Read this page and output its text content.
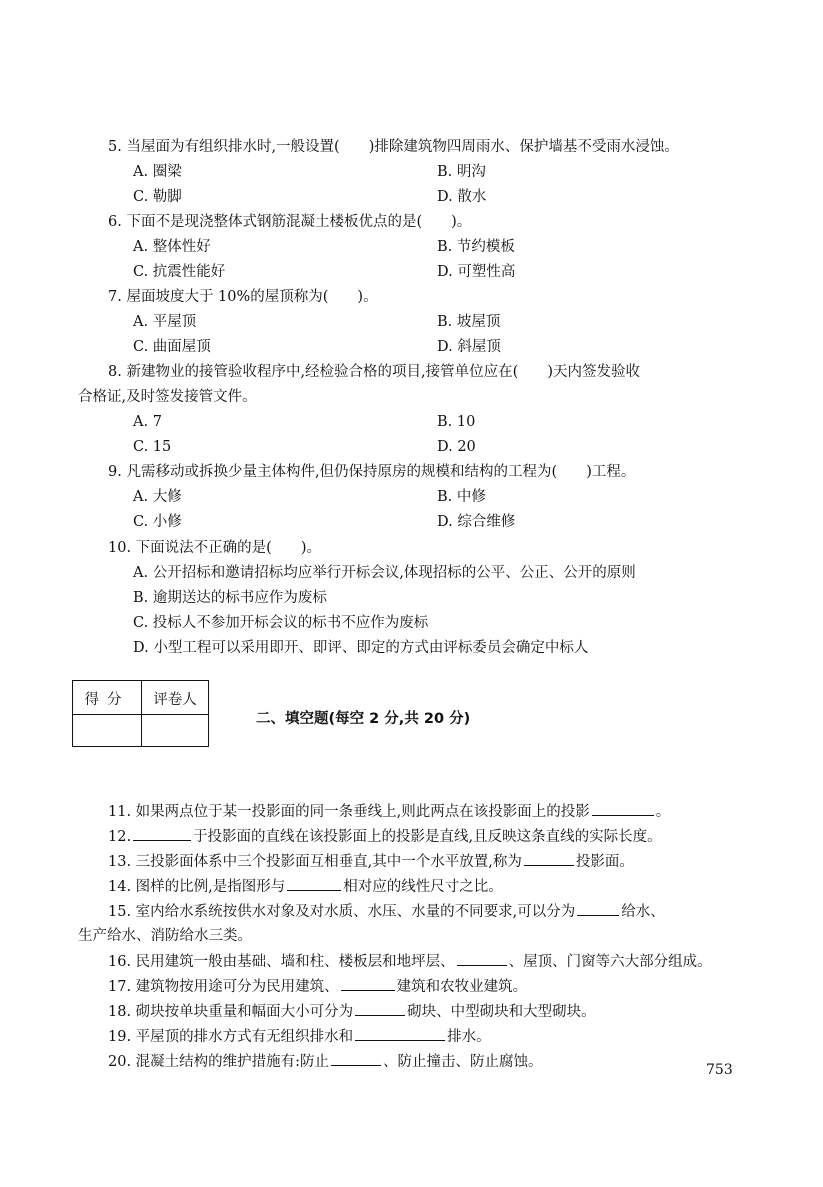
5. 当屋面为有组织排水时,一般设置(　　)排除建筑物四周雨水、保护墙基不受雨水浸蚀。
A. 圈梁	B. 明沟
C. 勒脚	D. 散水
6. 下面不是现浇整体式钢筋混凝土楼板优点的是(　　)。
A. 整体性好	B. 节约模板
C. 抗震性能好	D. 可塑性高
7. 屋面坡度大于 10%的屋顶称为(　　)。
A. 平屋顶	B. 坡屋顶
C. 曲面屋顶	D. 斜屋顶
8. 新建物业的接管验收程序中,经检验合格的项目,接管单位应在(　　)天内签发验收
合格证,及时签发接管文件。
A. 7	B. 10
C. 15	D. 20
9. 凡需移动或拆换少量主体构件,但仍保持原房的规模和结构的工程为(　　)工程。
A. 大修	B. 中修
C. 小修	D. 综合维修
10. 下面说法不正确的是(　　)。
A. 公开招标和邀请招标均应举行开标会议,体现招标的公平、公正、公开的原则
B. 逾期送达的标书应作为废标
C. 投标人不参加开标会议的标书不应作为废标
D. 小型工程可以采用即开、即评、即定的方式由评标委员会确定中标人
得分	评卷人
二、填空题(每空 2 分,共 20 分)
11. 如果两点位于某一投影面的同一条垂线上,则此两点在该投影面上的投影	。
12.	于投影面的直线在该投影面上的投影是直线,且反映这条直线的实际长度。
13. 三投影面体系中三个投影面互相垂直,其中一个水平放置,称为	投影面。
14. 图样的比例,是指图形与	相对应的线性尺寸之比。
15. 室内给水系统按供水对象及对水质、水压、水量的不同要求,可以分为	给水、
生产给水、消防给水三类。
16. 民用建筑一般由基础、墙和柱、楼板层和地坪层、	、屋顶、门窗等六大部分组成。
17. 建筑物按用途可分为民用建筑、	建筑和农牧业建筑。
18. 砌块按单块重量和幅面大小可分为	砌块、中型砌块和大型砌块。
19. 平屋顶的排水方式有无组织排水和	排水。
20. 混凝土结构的维护措施有:防止	、防止撞击、防止腐蚀。	753
